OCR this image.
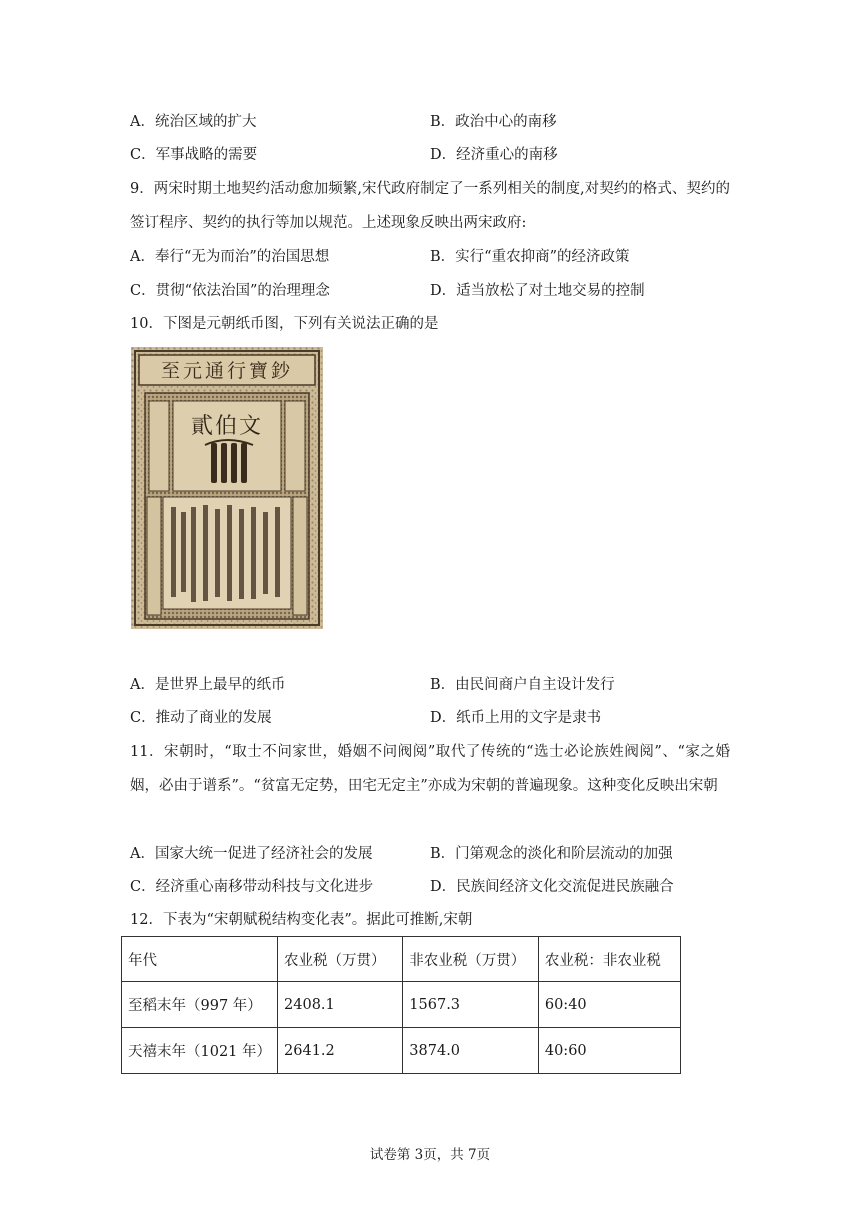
A．统治区域的扩大	B．政治中心的南移
C．军事战略的需要	D．经济重心的南移
9．两宋时期土地契约活动愈加频繁,宋代政府制定了一系列相关的制度,对契约的格式、契约的签订程序、契约的执行等加以规范。上述现象反映出两宋政府:
A．奉行“无为而治”的治国思想	B．实行“重农抑商”的经济政策
C．贯彻“依法治国”的治理理念	D．适当放松了对土地交易的控制
10．下图是元朝纸币图，下列有关说法正确的是
至元通行寶鈔
貳伯文
A．是世界上最早的纸币	B．由民间商户自主设计发行
C．推动了商业的发展	D．纸币上用的文字是隶书
11．宋朝时，“取士不问家世，婚姻不问阀阅”取代了传统的“选士必论族姓阀阅”、“家之婚姻，必由于谱系”。“贫富无定势，田宅无定主”亦成为宋朝的普遍现象。这种变化反映出宋朝
A．国家大统一促进了经济社会的发展	B．门第观念的淡化和阶层流动的加强
C．经济重心南移带动科技与文化进步	D．民族间经济文化交流促进民族融合
12．下表为“宋朝赋税结构变化表”。据此可推断,宋朝
年代	农业税（万贯）	非农业税（万贯）	农业税：非农业税
至稻末年（997 年）	2408.1	1567.3	60:40
天禧末年（1021 年）	2641.2	3874.0	40:60
试卷第 3页，共 7页
